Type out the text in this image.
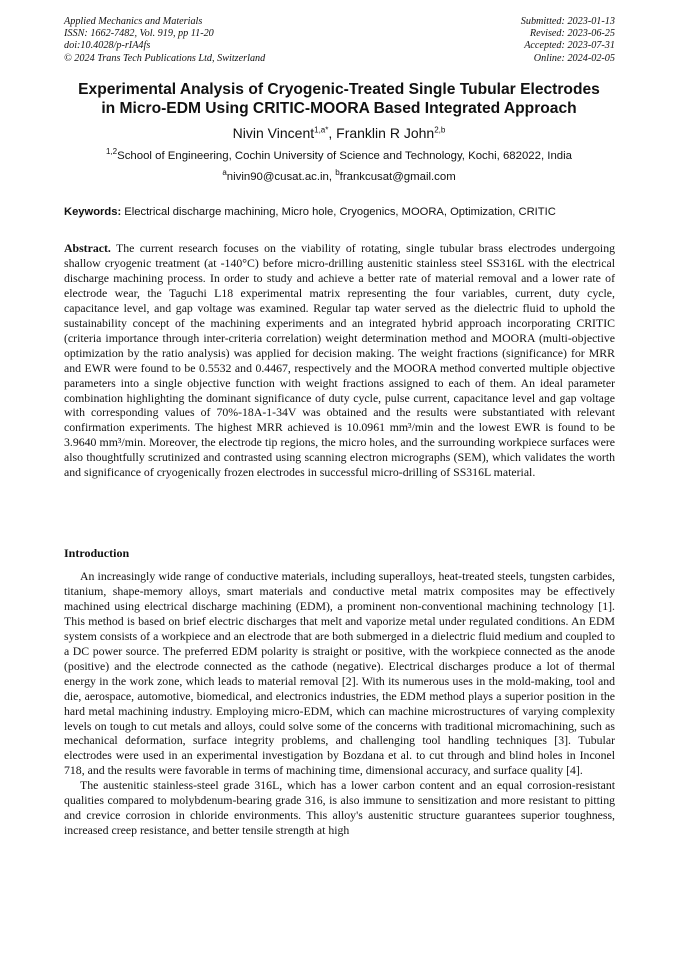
Applied Mechanics and Materials
ISSN: 1662-7482, Vol. 919, pp 11-20
doi:10.4028/p-rIA4fs
© 2024 Trans Tech Publications Ltd, Switzerland
Submitted: 2023-01-13
Revised: 2023-06-25
Accepted: 2023-07-31
Online: 2024-02-05
Experimental Analysis of Cryogenic-Treated Single Tubular Electrodes
in Micro-EDM Using CRITIC-MOORA Based Integrated Approach
Nivin Vincent$^{1,a*}$, Franklin R John$^{2,b}$
$^{1,2}$School of Engineering, Cochin University of Science and Technology, Kochi, 682022, India
$^a$nivin90@cusat.ac.in, $^b$frankcusat@gmail.com
Keywords: Electrical discharge machining, Micro hole, Cryogenics, MOORA, Optimization, CRITIC
Abstract. The current research focuses on the viability of rotating, single tubular brass electrodes undergoing shallow cryogenic treatment (at -140°C) before micro-drilling austenitic stainless steel SS316L with the electrical discharge machining process. In order to study and achieve a better rate of material removal and a lower rate of electrode wear, the Taguchi L18 experimental matrix representing the four variables, current, duty cycle, capacitance level, and gap voltage was examined. Regular tap water served as the dielectric fluid to uphold the sustainability concept of the machining experiments and an integrated hybrid approach incorporating CRITIC (criteria importance through inter-criteria correlation) weight determination method and MOORA (multi-objective optimization by the ratio analysis) was applied for decision making. The weight fractions (significance) for MRR and EWR were found to be 0.5532 and 0.4467, respectively and the MOORA method converted multiple objective parameters into a single objective function with weight fractions assigned to each of them. An ideal parameter combination highlighting the dominant significance of duty cycle, pulse current, capacitance level and gap voltage with corresponding values of 70%-18A-1-34V was obtained and the results were substantiated with relevant confirmation experiments. The highest MRR achieved is 10.0961 mm³/min and the lowest EWR is found to be 3.9640 mm³/min. Moreover, the electrode tip regions, the micro holes, and the surrounding workpiece surfaces were also thoughtfully scrutinized and contrasted using scanning electron micrographs (SEM), which validates the worth and significance of cryogenically frozen electrodes in successful micro-drilling of SS316L material.
Introduction

An increasingly wide range of conductive materials, including superalloys, heat-treated steels, tungsten carbides, titanium, shape-memory alloys, smart materials and conductive metal matrix composites may be effectively machined using electrical discharge machining (EDM), a prominent non-conventional machining technology [1]. This method is based on brief electric discharges that melt and vaporize metal under regulated conditions. An EDM system consists of a workpiece and an electrode that are both submerged in a dielectric fluid medium and coupled to a DC power source. The preferred EDM polarity is straight or positive, with the workpiece connected as the anode (positive) and the electrode connected as the cathode (negative). Electrical discharges produce a lot of thermal energy in the work zone, which leads to material removal [2]. With its numerous uses in the mold-making, tool and die, aerospace, automotive, biomedical, and electronics industries, the EDM method plays a superior position in the hard metal machining industry. Employing micro-EDM, which can machine microstructures of varying complexity levels on tough to cut metals and alloys, could solve some of the concerns with traditional micromachining, such as mechanical deformation, surface integrity problems, and challenging tool handling techniques [3]. Tubular electrodes were used in an experimental investigation by Bozdana et al. to cut through and blind holes in Inconel 718, and the results were favorable in terms of machining time, dimensional accuracy, and surface quality [4].

The austenitic stainless-steel grade 316L, which has a lower carbon content and an equal corrosion-resistant qualities compared to molybdenum-bearing grade 316, is also immune to sensitization and more resistant to pitting and crevice corrosion in chloride environments. This alloy's austenitic structure guarantees superior toughness, increased creep resistance, and better tensile strength at high
